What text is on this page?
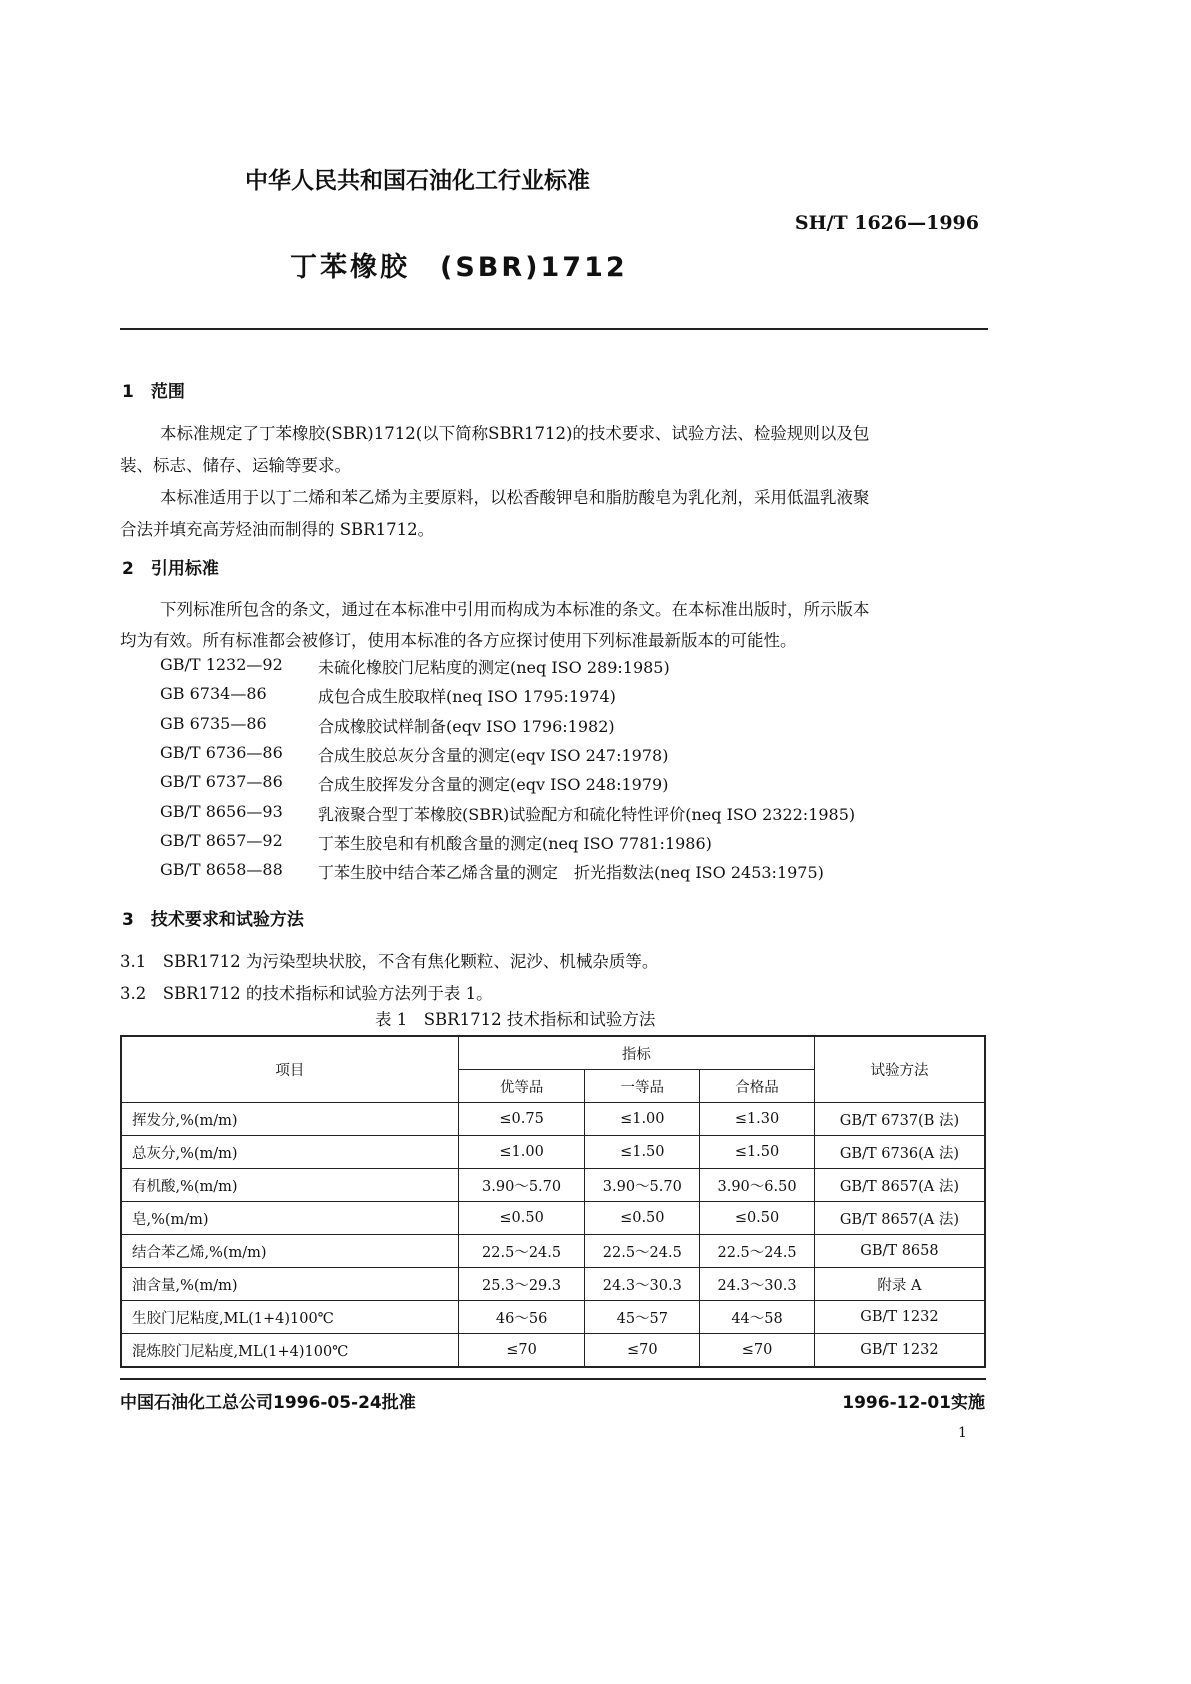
中华人民共和国石油化工行业标准
SH/T 1626—1996
丁苯橡胶　(SBR)1712
1　范围
本标准规定了丁苯橡胶(SBR)1712(以下简称SBR1712)的技术要求、试验方法、检验规则以及包
装、标志、储存、运输等要求。
本标准适用于以丁二烯和苯乙烯为主要原料，以松香酸钾皂和脂肪酸皂为乳化剂，采用低温乳液聚
合法并填充高芳烃油而制得的 SBR1712。
2　引用标准
下列标准所包含的条文，通过在本标准中引用而构成为本标准的条文。在本标准出版时，所示版本
均为有效。所有标准都会被修订，使用本标准的各方应探讨使用下列标准最新版本的可能性。
GB/T 1232—92 未硫化橡胶门尼粘度的测定(neq ISO 289:1985)
GB 6734—86	成包合成生胶取样(neq ISO 1795:1974)
GB 6735—86	合成橡胶试样制备(eqv ISO 1796:1982)
GB/T 6736—86 合成生胶总灰分含量的测定(eqv ISO 247:1978)
GB/T 6737—86 合成生胶挥发分含量的测定(eqv ISO 248:1979)
GB/T 8656—93 乳液聚合型丁苯橡胶(SBR)试验配方和硫化特性评价(neq ISO 2322:1985)
GB/T 8657—92 丁苯生胶皂和有机酸含量的测定(neq ISO 7781:1986)
GB/T 8658—88 丁苯生胶中结合苯乙烯含量的测定　折光指数法(neq ISO 2453:1975)
3　技术要求和试验方法
3.1　SBR1712 为污染型块状胶，不含有焦化颗粒、泥沙、机械杂质等。
3.2　SBR1712 的技术指标和试验方法列于表 1。
表 1　SBR1712 技术指标和试验方法
项目	指标			试验方法
	优等品	一等品	合格品	
挥发分,%(m/m)	≤0.75	≤1.00	≤1.30	GB/T 6737(B 法)
总灰分,%(m/m)	≤1.00	≤1.50	≤1.50	GB/T 6736(A 法)
有机酸,%(m/m)	3.90～5.70	3.90～5.70	3.90～6.50	GB/T 8657(A 法)
皂,%(m/m)	≤0.50	≤0.50	≤0.50	GB/T 8657(A 法)
结合苯乙烯,%(m/m)	22.5～24.5	22.5～24.5	22.5～24.5	GB/T 8658
油含量,%(m/m)	25.3～29.3	24.3～30.3	24.3～30.3	附录 A
生胶门尼粘度,ML(1+4)100℃	46～56	45～57	44～58	GB/T 1232
混炼胶门尼粘度,ML(1+4)100℃	≤70	≤70	≤70	GB/T 1232
中国石油化工总公司1996-05-24批准	1996-12-01实施
1
